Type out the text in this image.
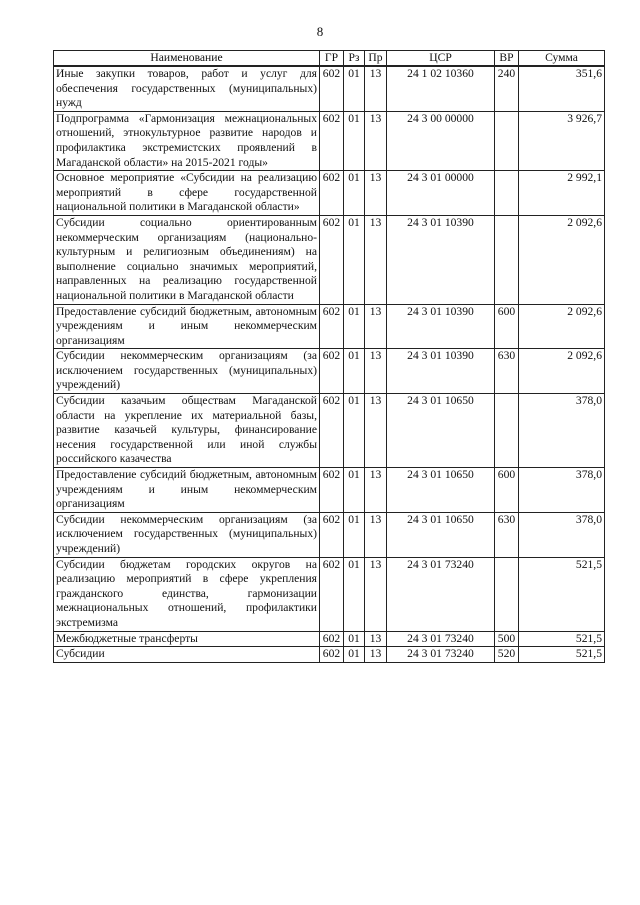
8
Наименование	ГР	Рз	Пр	ЦСР	ВР	Сумма
Иные закупки товаров, работ и услуг для обеспечения государственных (муниципальных) нужд	602	01	13	24 1 02 10360	240	351,6
Подпрограмма «Гармонизация межнациональных отношений, этнокультурное развитие народов и профилактика экстремистских проявлений в Магаданской области» на 2015-2021 годы»	602	01	13	24 3 00 00000		3 926,7
Основное мероприятие «Субсидии на реализацию мероприятий в сфере государственной национальной политики в Магаданской области»	602	01	13	24 3 01 00000		2 992,1
Субсидии социально ориентированным некоммерческим организациям (национально-культурным и религиозным объединениям) на выполнение социально значимых мероприятий, направленных на реализацию государственной национальной политики в Магаданской области	602	01	13	24 3 01 10390		2 092,6
Предоставление субсидий бюджетным, автономным учреждениям и иным некоммерческим организациям	602	01	13	24 3 01 10390	600	2 092,6
Субсидии некоммерческим организациям (за исключением государственных (муниципальных) учреждений)	602	01	13	24 3 01 10390	630	2 092,6
Субсидии казачьим обществам Магаданской области на укрепление их материальной базы, развитие казачьей культуры, финансирование несения государственной или иной службы российского казачества	602	01	13	24 3 01 10650		378,0
Предоставление субсидий бюджетным, автономным учреждениям и иным некоммерческим организациям	602	01	13	24 3 01 10650	600	378,0
Субсидии некоммерческим организациям (за исключением государственных (муниципальных) учреждений)	602	01	13	24 3 01 10650	630	378,0
Субсидии бюджетам городских округов на реализацию мероприятий в сфере укрепления гражданского единства, гармонизации межнациональных отношений, профилактики экстремизма	602	01	13	24 3 01 73240		521,5
Межбюджетные трансферты	602	01	13	24 3 01 73240	500	521,5
Субсидии	602	01	13	24 3 01 73240	520	521,5
